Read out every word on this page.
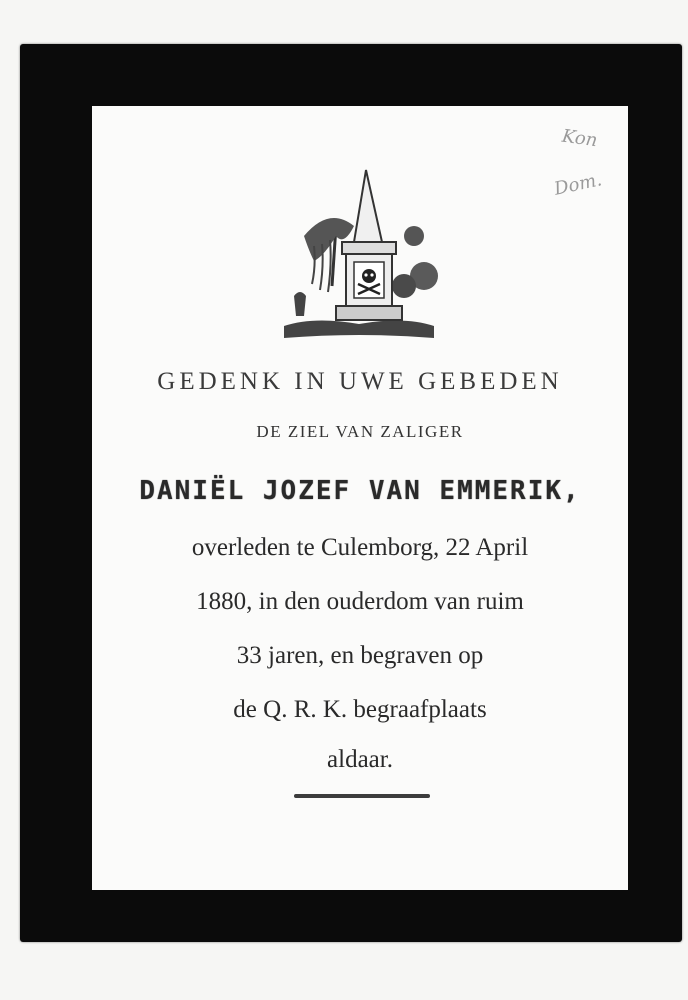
Kon
Dom.
GEDENK IN UWE GEBEDEN
DE ZIEL VAN ZALIGER
DANIËL JOZEF VAN EMMERIK,
overleden te Culemborg, 22 April
1880, in den ouderdom van ruim
33 jaren, en begraven op
de Q. R. K. begraafplaats
aldaar.
